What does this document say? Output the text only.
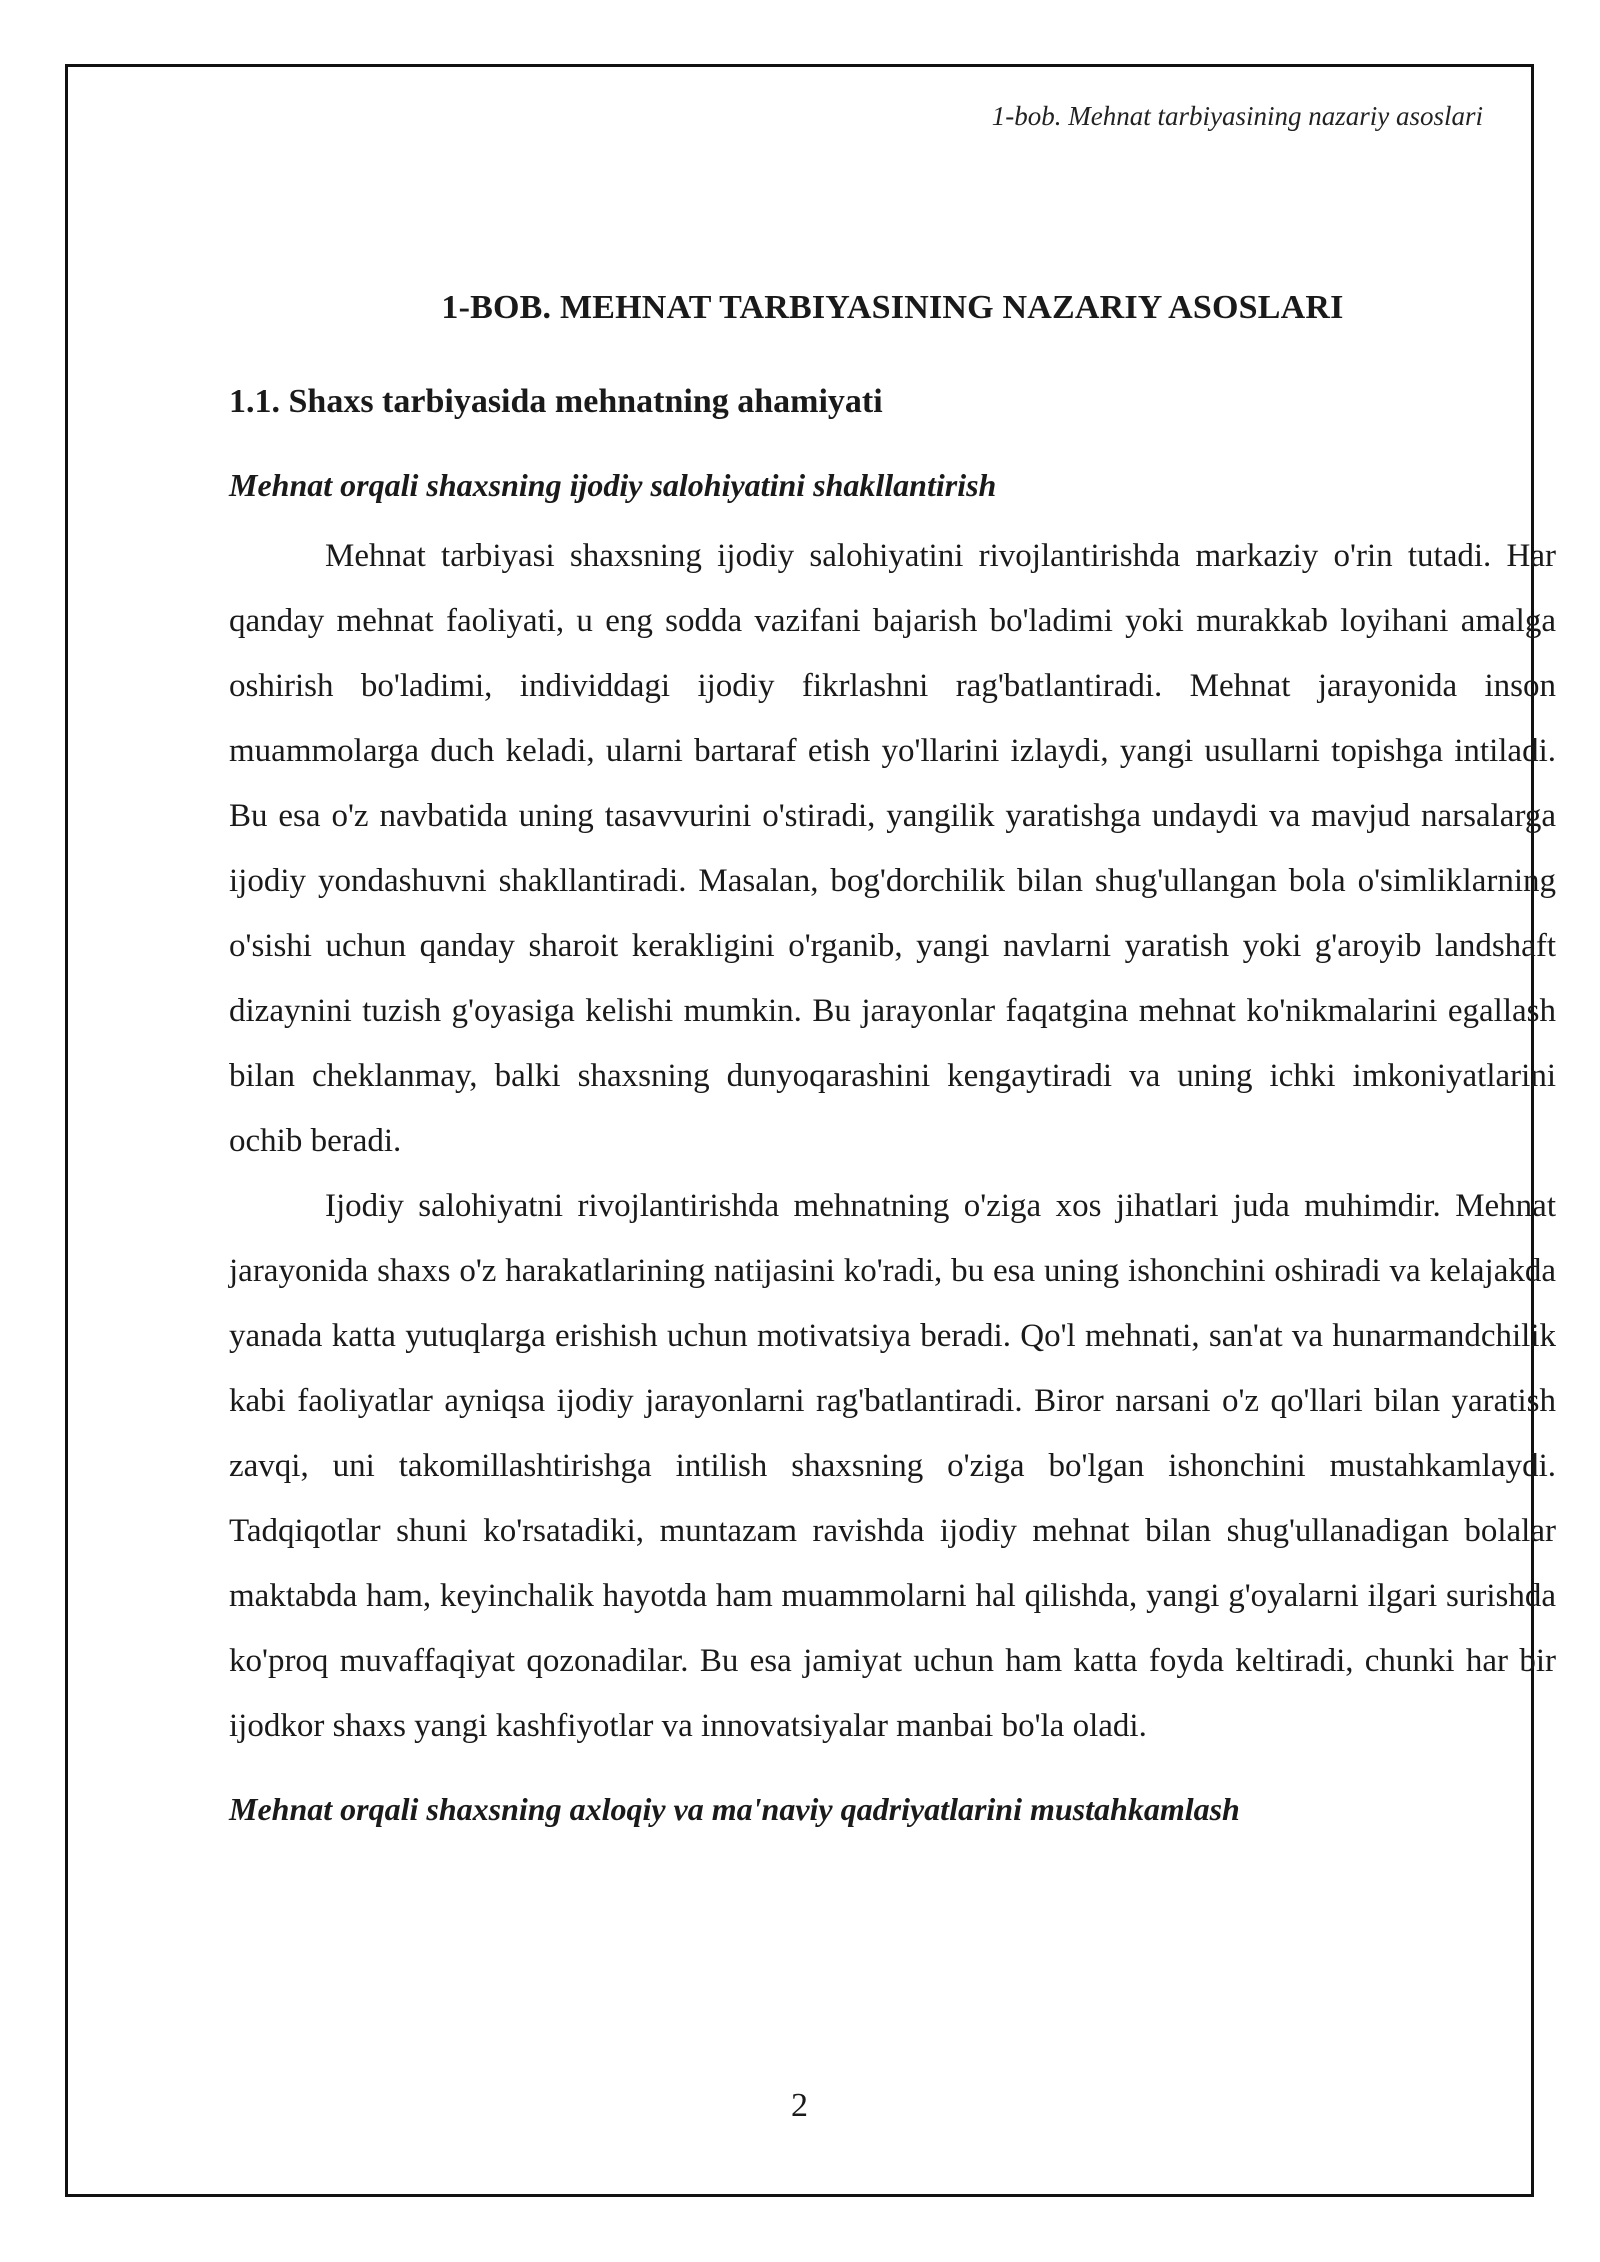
1-bob. Mehnat tarbiyasining nazariy asoslari
1-BOB. MEHNAT TARBIYASINING NAZARIY ASOSLARI
1.1. Shaxs tarbiyasida mehnatning ahamiyati
Mehnat orqali shaxsning ijodiy salohiyatini shakllantirish

Mehnat tarbiyasi shaxsning ijodiy salohiyatini rivojlantirishda markaziy o'rin tutadi. Har qanday mehnat faoliyati, u eng sodda vazifani bajarish bo'ladimi yoki murakkab loyihani amalga oshirish bo'ladimi, individdagi ijodiy fikrlashni rag'batlantiradi. Mehnat jarayonida inson muammolarga duch keladi, ularni bartaraf etish yo'llarini izlaydi, yangi usullarni topishga intiladi. Bu esa o'z navbatida uning tasavvurini o'stiradi, yangilik yaratishga undaydi va mavjud narsalarga ijodiy yondashuvni shakllantiradi. Masalan, bog'dorchilik bilan shug'ullangan bola o'simliklarning o'sishi uchun qanday sharoit kerakligini o'rganib, yangi navlarni yaratish yoki g'aroyib landshaft dizaynini tuzish g'oyasiga kelishi mumkin. Bu jarayonlar faqatgina mehnat ko'nikmalarini egallash bilan cheklanmay, balki shaxsning dunyoqarashini kengaytiradi va uning ichki imkoniyatlarini ochib beradi.

Ijodiy salohiyatni rivojlantirishda mehnatning o'ziga xos jihatlari juda muhimdir. Mehnat jarayonida shaxs o'z harakatlarining natijasini ko'radi, bu esa uning ishonchini oshiradi va kelajakda yanada katta yutuqlarga erishish uchun motivatsiya beradi. Qo'l mehnati, san'at va hunarmandchilik kabi faoliyatlar ayniqsa ijodiy jarayonlarni rag'batlantiradi. Biror narsani o'z qo'llari bilan yaratish zavqi, uni takomillashtirishga intilish shaxsning o'ziga bo'lgan ishonchini mustahkamlaydi. Tadqiqotlar shuni ko'rsatadiki, muntazam ravishda ijodiy mehnat bilan shug'ullanadigan bolalar maktabda ham, keyinchalik hayotda ham muammolarni hal qilishda, yangi g'oyalarni ilgari surishda ko'proq muvaffaqiyat qozonadilar. Bu esa jamiyat uchun ham katta foyda keltiradi, chunki har bir ijodkor shaxs yangi kashfiyotlar va innovatsiyalar manbai bo'la oladi.

Mehnat orqali shaxsning axloqiy va ma'naviy qadriyatlarini mustahkamlash
2
